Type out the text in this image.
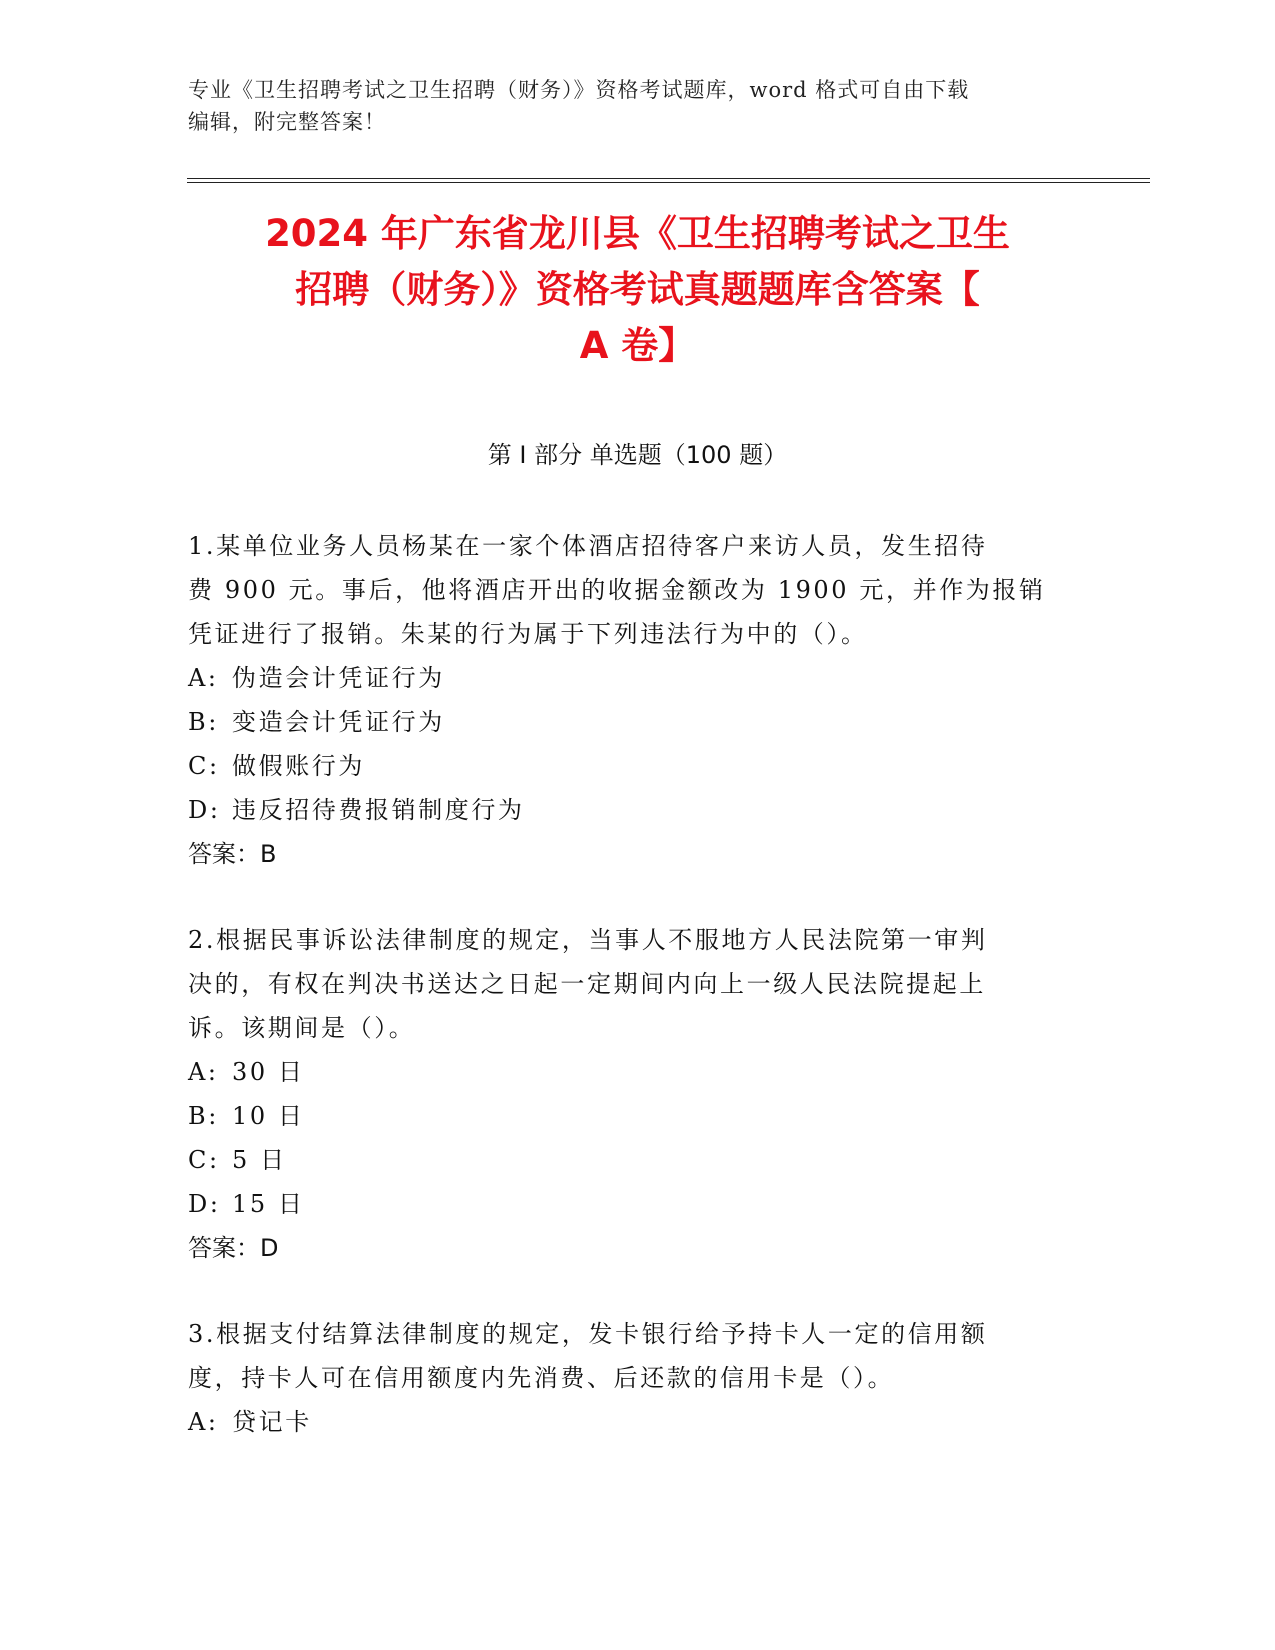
专业《卫生招聘考试之卫生招聘（财务）》资格考试题库，word 格式可自由下载
编辑，附完整答案！
2024 年广东省龙川县《卫生招聘考试之卫生
招聘（财务）》资格考试真题题库含答案【
A 卷】
第 I 部分 单选题（100 题）

1.某单位业务人员杨某在一家个体酒店招待客户来访人员，发生招待

费 900 元。事后，他将酒店开出的收据金额改为 1900 元，并作为报销

凭证进行了报销。朱某的行为属于下列违法行为中的（）。

A: 伪造会计凭证行为

B: 变造会计凭证行为

C: 做假账行为

D: 违反招待费报销制度行为

答案：B

2.根据民事诉讼法律制度的规定，当事人不服地方人民法院第一审判

决的，有权在判决书送达之日起一定期间内向上一级人民法院提起上

诉。该期间是（）。

A: 30 日

B: 10 日

C: 5 日

D: 15 日

答案：D

3.根据支付结算法律制度的规定，发卡银行给予持卡人一定的信用额

度，持卡人可在信用额度内先消费、后还款的信用卡是（）。

A: 贷记卡
